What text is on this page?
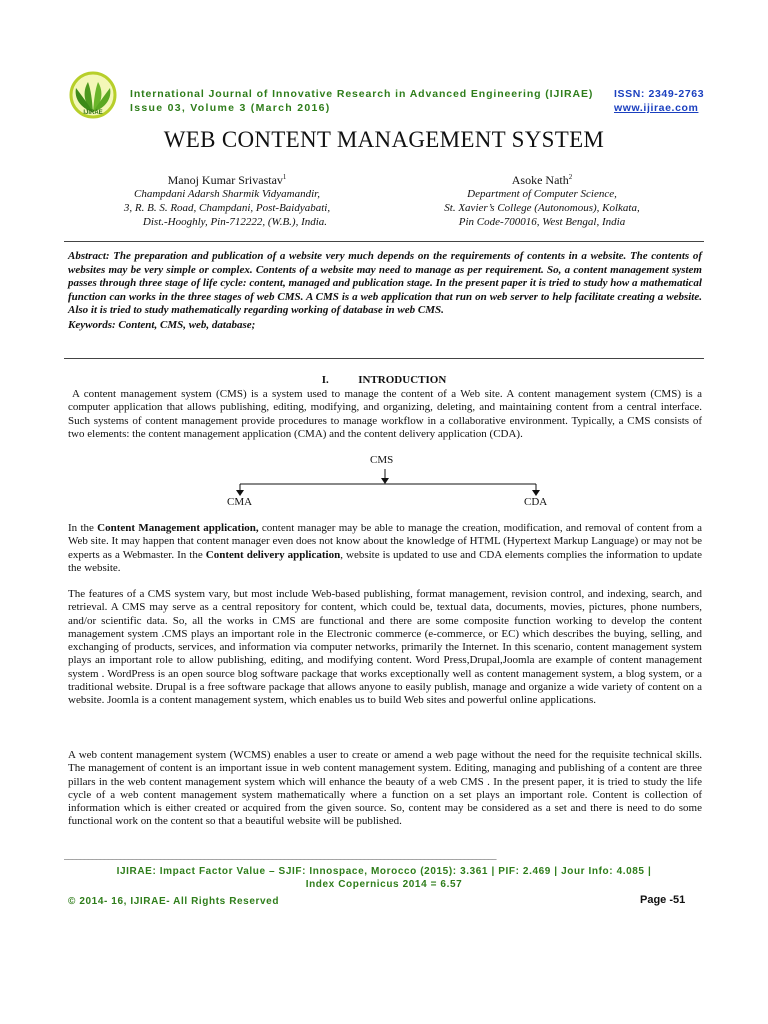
IJIRAE
International Journal of Innovative Research in Advanced Engineering (IJIRAE)
Issue 03, Volume 3 (March 2016)
ISSN: 2349-2763
www.ijirae.com
WEB CONTENT MANAGEMENT SYSTEM
Manoj Kumar Srivastav$^1$
Champdani Adarsh Sharmik Vidyamandir,
3, R. B. S. Road, Champdani, Post-Baidyabati,
Dist.-Hooghly, Pin-712222, (W.B.), India.
Asoke Nath$^2$
Department of Computer Science,
St. Xavier’s College (Autonomous), Kolkata,
Pin Code-700016, West Bengal, India
Abstract: The preparation and publication of a website very much depends on the requirements of contents in a website. The contents of websites may be very simple or complex. Contents of a website may need to manage as per requirement. So, a content management system passes through three stage of life cycle: content, managed and publication stage. In the present paper it is tried to study how a mathematical function can works in the three stages of web CMS. A CMS is a web application that run on web server to help facilitate creating a website. Also it is tried to study mathematically regarding working of database in web CMS.
Keywords: Content, CMS, web, database;
I.	INTRODUCTION

A content management system (CMS) is a system used to manage the content of a Web site. A content management system (CMS) is a computer application that allows publishing, editing, modifying, and organizing, deleting, and maintaining content from a central interface. Such systems of content management provide procedures to manage workflow in a collaborative environment. Typically, a CMS consists of two elements: the content management application (CMA) and the content delivery application (CDA).

CMS
CMA	CDA

In the Content Management application, content manager may be able to manage the creation, modification, and removal of content from a Web site. It may happen that content manager even does not know about the knowledge of HTML (Hypertext Markup Language) or may not be experts as a Webmaster. In the Content delivery application, website is updated to use and CDA elements complies the information to update the website.

The features of a CMS system vary, but most include Web-based publishing, format management, revision control, and indexing, search, and retrieval. A CMS may serve as a central repository for content, which could be, textual data, documents, movies, pictures, phone numbers, and/or scientific data. So, all the works in CMS are functional and there are some composite function working to develop the content management system .CMS plays an important role in the Electronic commerce (e-commerce, or EC) which describes the buying, selling, and exchanging of products, services, and information via computer networks, primarily the Internet. In this scenario, content management system plays an important role to allow publishing, editing, and modifying content. Word Press,Drupal,Joomla are example of content management system . WordPress is an open source blog software package that works exceptionally well as content management system, a blog system, or a traditional website. Drupal is a free software package that allows anyone to easily publish, manage and organize a wide variety of content on a website. Joomla is a content management system, which enables us to build Web sites and powerful online applications.

A web content management system (WCMS) enables a user to create or amend a web page without the need for the requisite technical skills. The management of content is an important issue in web content management system. Editing, managing and publishing of a content are three pillars in the web content management system which will enhance the beauty of a web CMS . In the present paper, it is tried to study the life cycle of a web content management system mathematically where a function on a set plays an important role. Content is collection of information which is either created or acquired from the given source. So, content may be considered as a set and there is need to do some functional work on the content so that a beautiful website will be published.

____________________________________________________________________________________________________________
IJIRAE: Impact Factor Value – SJIF: Innospace, Morocco (2015): 3.361 | PIF: 2.469 | Jour Info: 4.085 |
Index Copernicus 2014 = 6.57
© 2014- 16, IJIRAE- All Rights Reserved	Page -51
